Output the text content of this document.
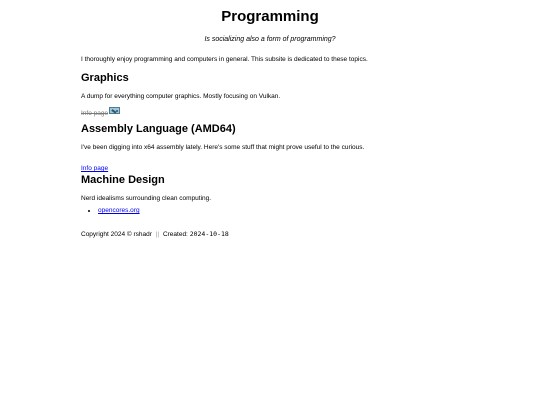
Programming

Is socializing also a form of programming?

I thoroughly enjoy programming and computers in general. This subsite is dedicated to these topics.

Graphics

A dump for everything computer graphics. Mostly focusing on Vulkan.

Info page
Assembly Language (AMD64)

I've been digging into x64 assembly lately. Here's some stuff that might prove useful to the curious.

Info page
Machine Design

Nerd idealisms surrounding clean computing.

• opencores.org
Copyright 2024 © rshadr || Created: 2024-10-18
